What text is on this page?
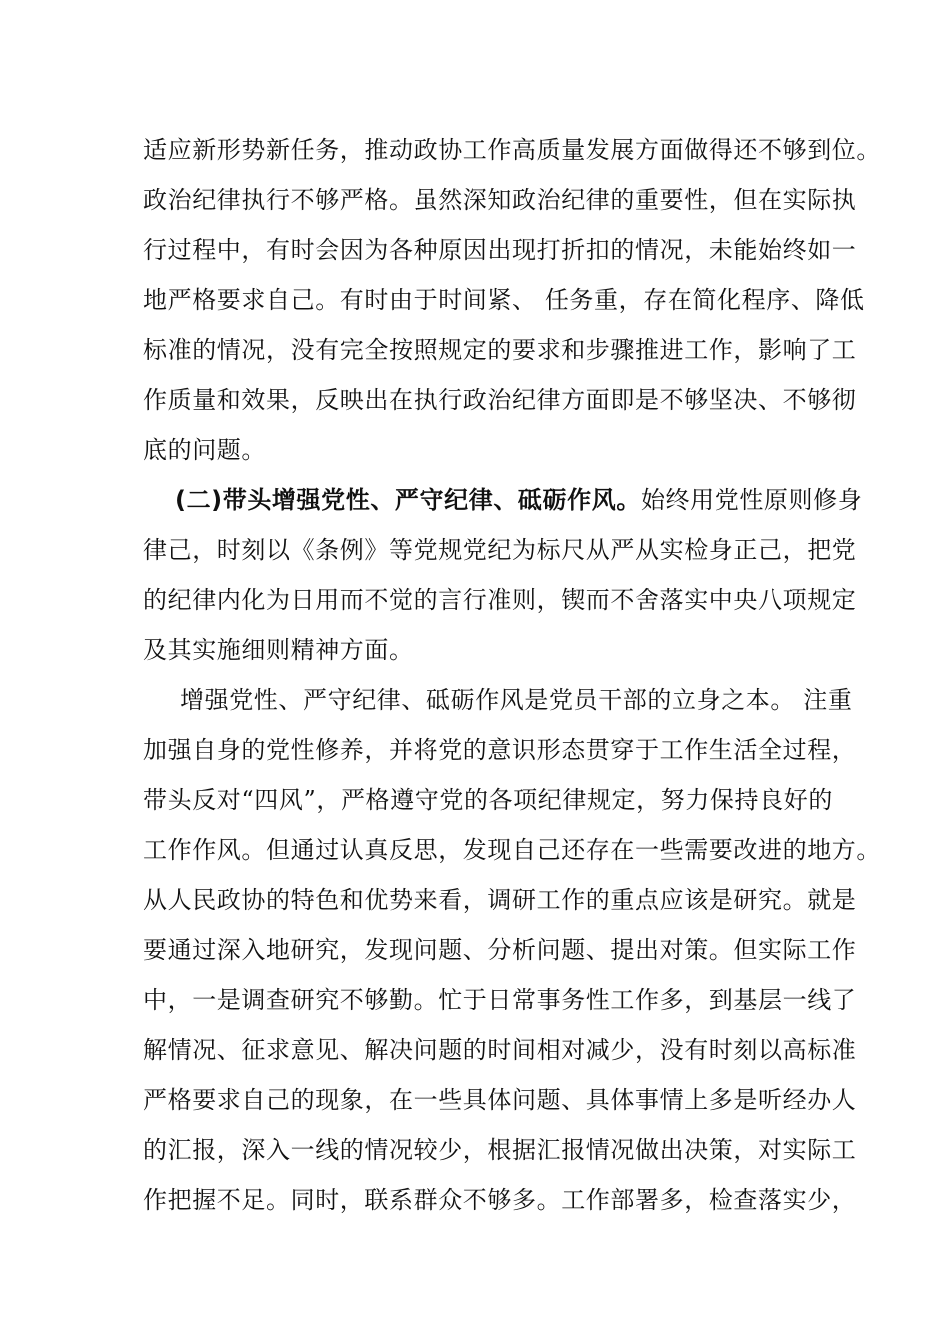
适应新形势新任务，推动政协工作高质量发展方面做得还不够到位。
政治纪律执行不够严格。虽然深知政治纪律的重要性，但在实际执
行过程中，有时会因为各种原因出现打折扣的情况，未能始终如一
地严格要求自己。有时由于时间紧、 任务重，存在简化程序、降低
标准的情况，没有完全按照规定的要求和步骤推进工作，影响了工
作质量和效果，反映出在执行政治纪律方面即是不够坚决、不够彻
底的问题。
(二)带头增强党性、严守纪律、砥砺作风。始终用党性原则修身
律己，时刻以《条例》等党规党纪为标尺从严从实检身正己，把党
的纪律内化为日用而不觉的言行准则，锲而不舍落实中央八项规定
及其实施细则精神方面。
增强党性、严守纪律、砥砺作风是党员干部的立身之本。 注重
加强自身的党性修养，并将党的意识形态贯穿于工作生活全过程，
带头反对“四风”，严格遵守党的各项纪律规定，努力保持良好的
工作作风。但通过认真反思，发现自己还存在一些需要改进的地方。
从人民政协的特色和优势来看，调研工作的重点应该是研究。就是
要通过深入地研究，发现问题、分析问题、提出对策。但实际工作
中，一是调查研究不够勤。忙于日常事务性工作多，到基层一线了
解情况、征求意见、解决问题的时间相对减少，没有时刻以高标准
严格要求自己的现象，在一些具体问题、具体事情上多是听经办人
的汇报，深入一线的情况较少，根据汇报情况做出决策，对实际工
作把握不足。同时，联系群众不够多。工作部署多，检查落实少，
